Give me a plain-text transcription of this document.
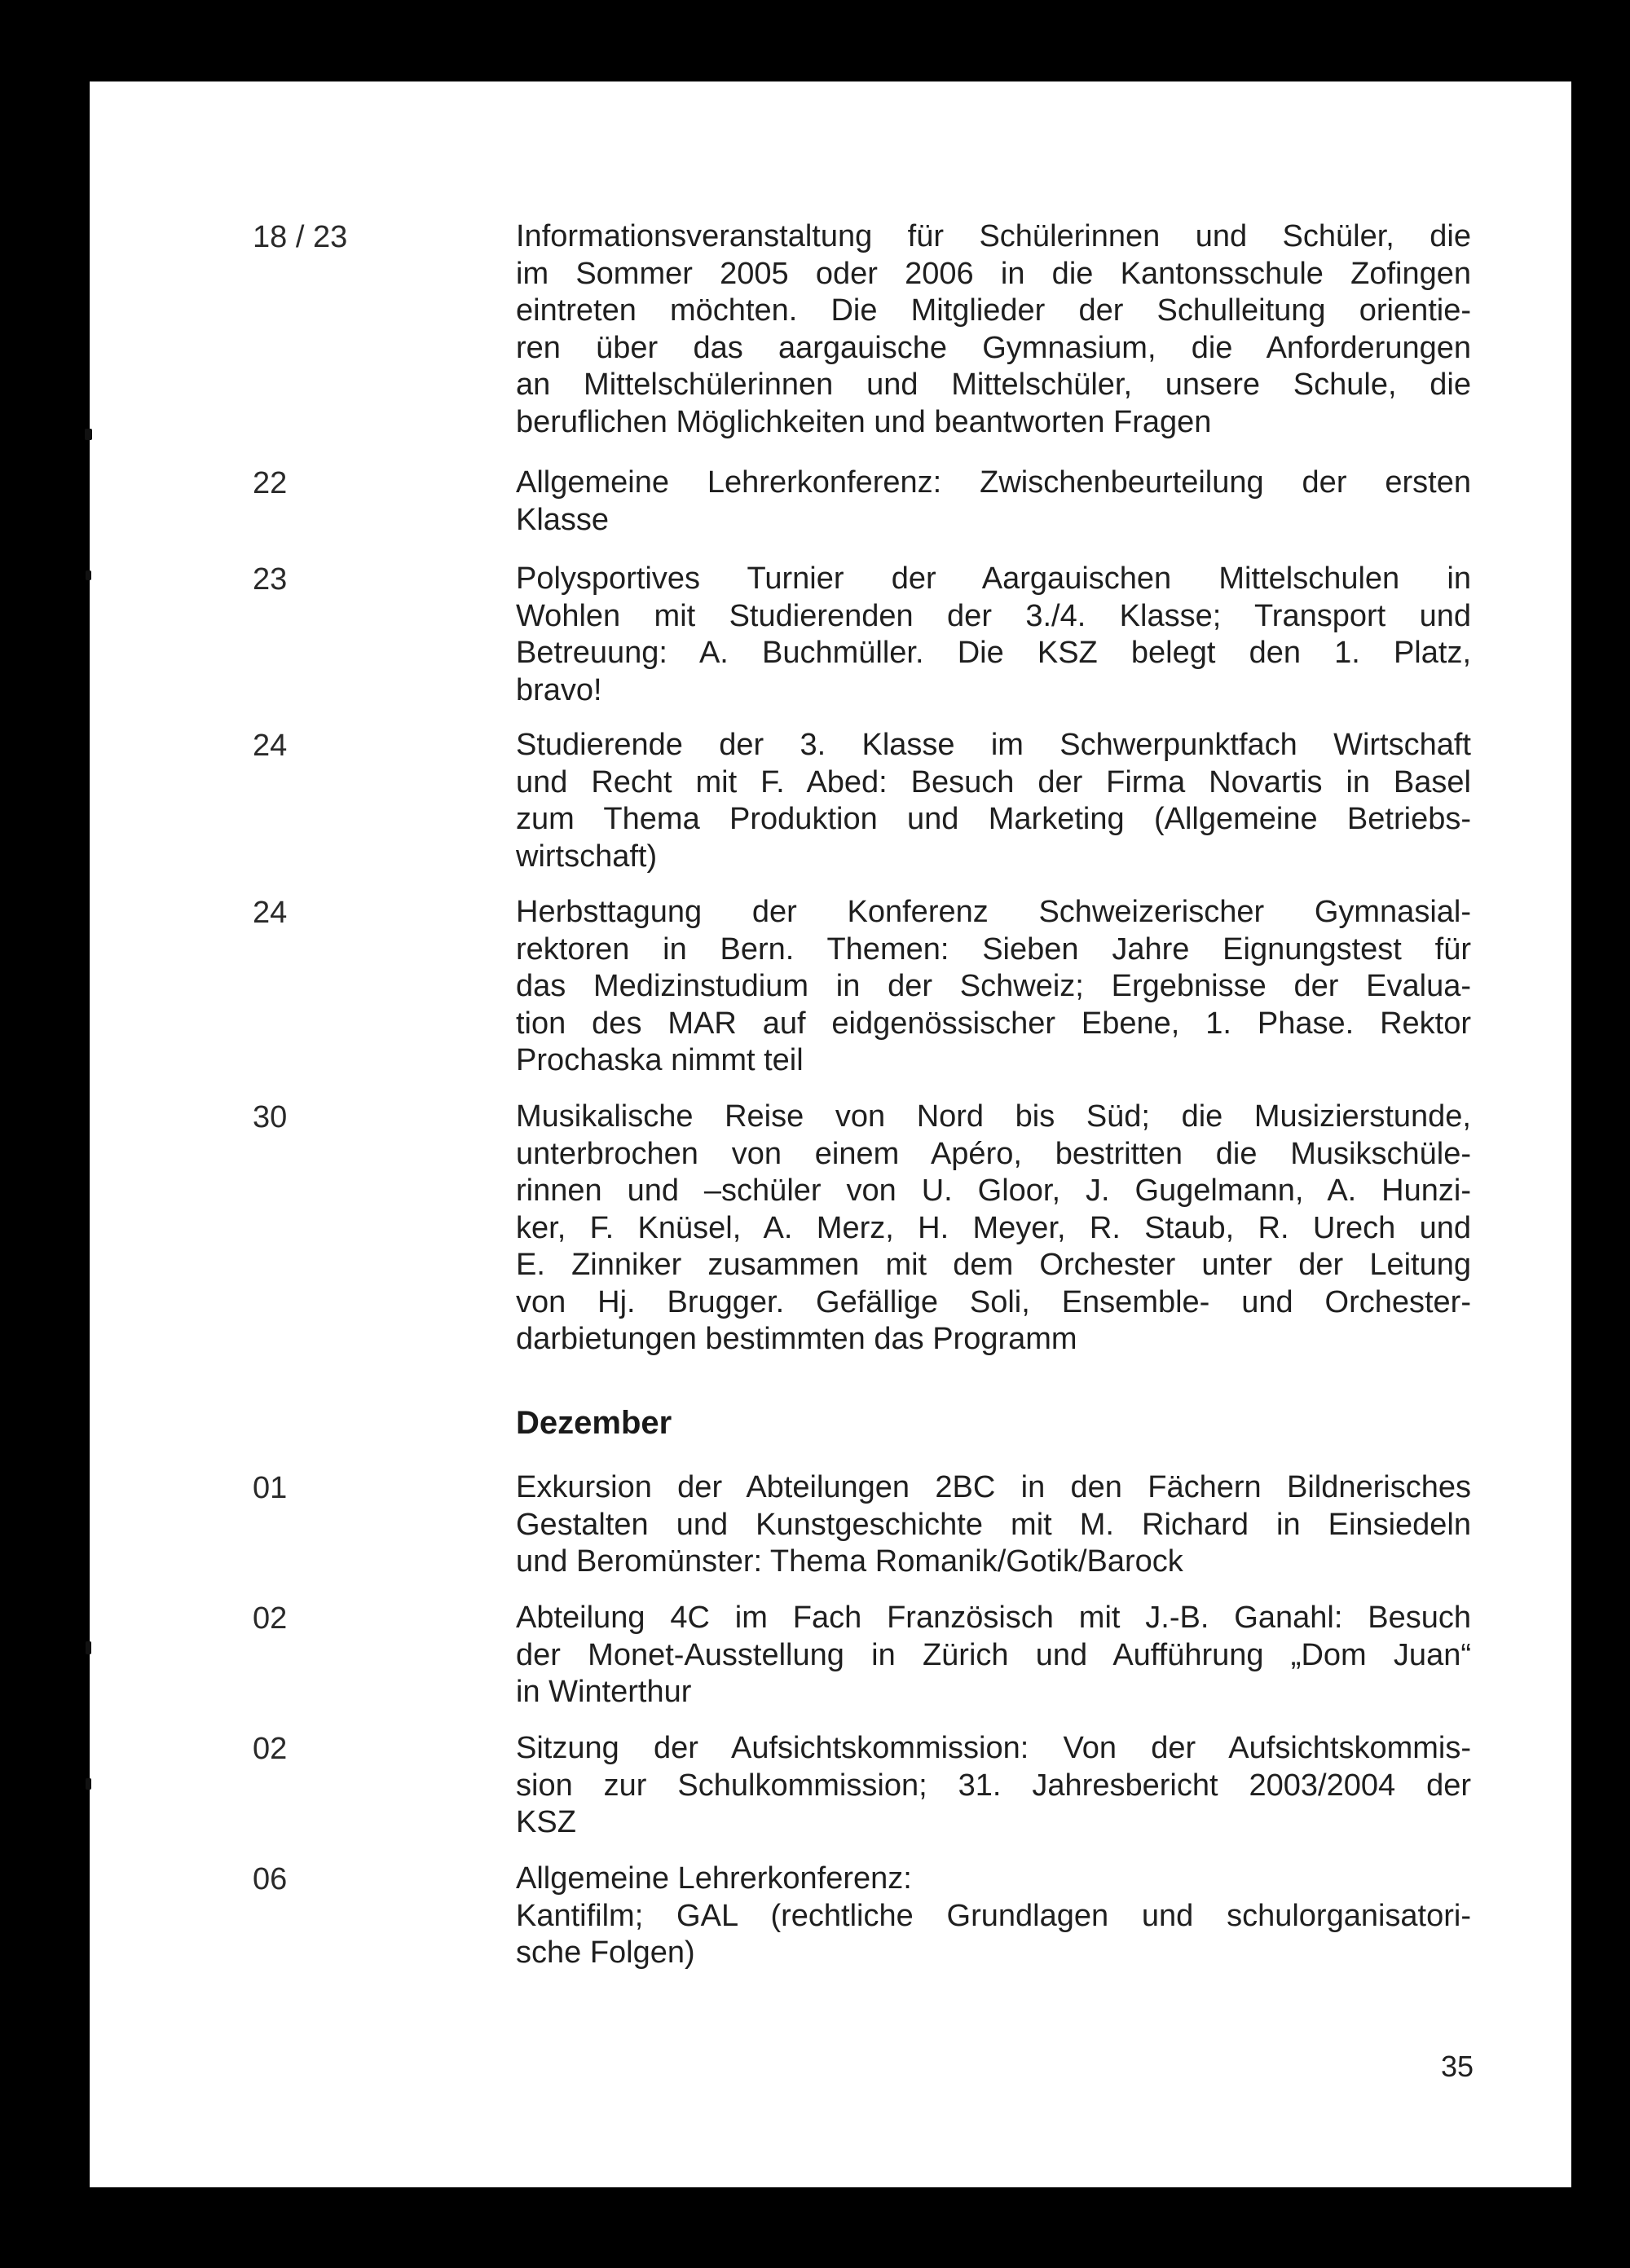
18 / 23	Informationsveranstaltung für Schülerinnen und Schüler, die
im Sommer 2005 oder 2006 in die Kantonsschule Zofingen
eintreten möchten. Die Mitglieder der Schulleitung orientie-
ren über das aargauische Gymnasium, die Anforderungen
an Mittelschülerinnen und Mittelschüler, unsere Schule, die
beruflichen Möglichkeiten und beantworten Fragen
22	Allgemeine Lehrerkonferenz: Zwischenbeurteilung der ersten
Klasse
23	Polysportives Turnier der Aargauischen Mittelschulen in
Wohlen mit Studierenden der 3./4. Klasse; Transport und
Betreuung: A. Buchmüller. Die KSZ belegt den 1. Platz,
bravo!
24	Studierende der 3. Klasse im Schwerpunktfach Wirtschaft
und Recht mit F. Abed: Besuch der Firma Novartis in Basel
zum Thema Produktion und Marketing (Allgemeine Betriebs-
wirtschaft)
24	Herbsttagung der Konferenz Schweizerischer Gymnasial-
rektoren in Bern. Themen: Sieben Jahre Eignungstest für
das Medizinstudium in der Schweiz; Ergebnisse der Evalua-
tion des MAR auf eidgenössischer Ebene, 1. Phase. Rektor
Prochaska nimmt teil
30	Musikalische Reise von Nord bis Süd; die Musizierstunde,
unterbrochen von einem Apéro, bestritten die Musikschüle-
rinnen und –schüler von U. Gloor, J. Gugelmann, A. Hunzi-
ker, F. Knüsel, A. Merz, H. Meyer, R. Staub, R. Urech und
E. Zinniker zusammen mit dem Orchester unter der Leitung
von Hj. Brugger. Gefällige Soli, Ensemble- und Orchester-
darbietungen bestimmten das Programm
Dezember
01	Exkursion der Abteilungen 2BC in den Fächern Bildnerisches
Gestalten und Kunstgeschichte mit M. Richard in Einsiedeln
und Beromünster: Thema Romanik/Gotik/Barock
02	Abteilung 4C im Fach Französisch mit J.-B. Ganahl: Besuch
der Monet-Ausstellung in Zürich und Aufführung „Dom Juan“
in Winterthur
02	Sitzung der Aufsichtskommission: Von der Aufsichtskommis-
sion zur Schulkommission; 31. Jahresbericht 2003/2004 der
KSZ
06	Allgemeine Lehrerkonferenz:
Kantifilm; GAL (rechtliche Grundlagen und schulorganisatori-
sche Folgen)
35
